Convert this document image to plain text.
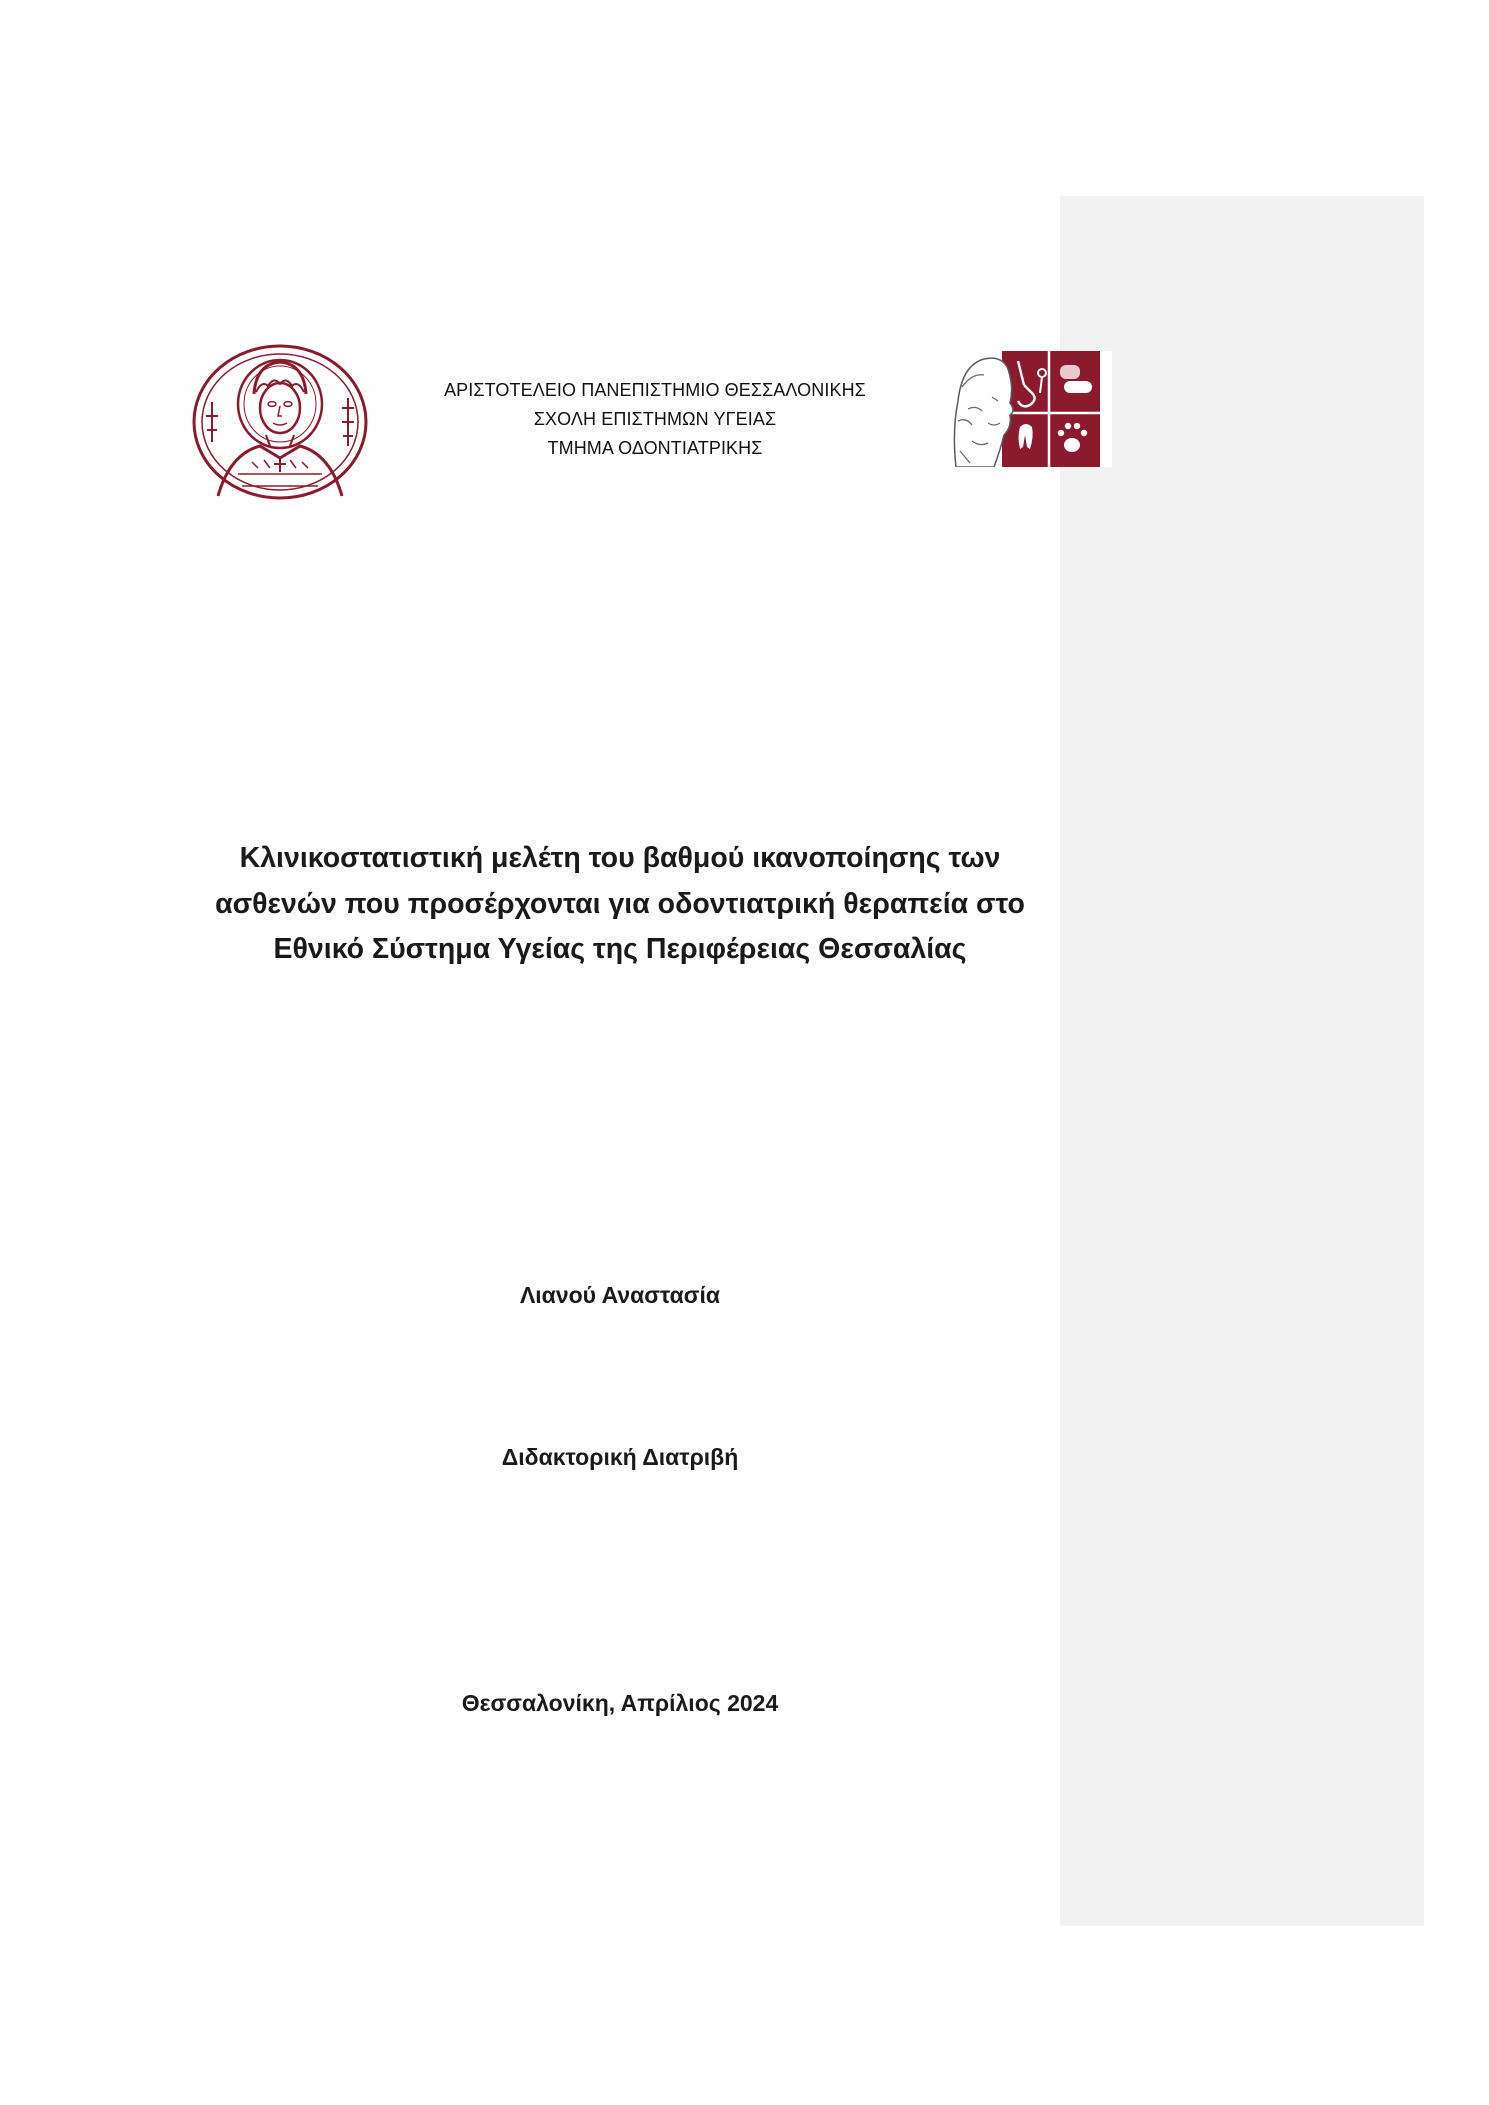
ΑΡΙΣΤΟΤΕΛΕΙΟ ΠΑΝΕΠΙΣΤΗΜΙΟ ΘΕΣΣΑΛΟΝΙΚΗΣ
ΣΧΟΛΗ ΕΠΙΣΤΗΜΩΝ ΥΓΕΙΑΣ
ΤΜΗΜΑ ΟΔΟΝΤΙΑΤΡΙΚΗΣ
Κλινικοστατιστική μελέτη του βαθμού ικανοποίησης των
ασθενών που προσέρχονται για οδοντιατρική θεραπεία στο
Εθνικό Σύστημα Υγείας της Περιφέρειας Θεσσαλίας
Λιανού Αναστασία
Διδακτορική Διατριβή
Θεσσαλονίκη, Απρίλιος 2024
